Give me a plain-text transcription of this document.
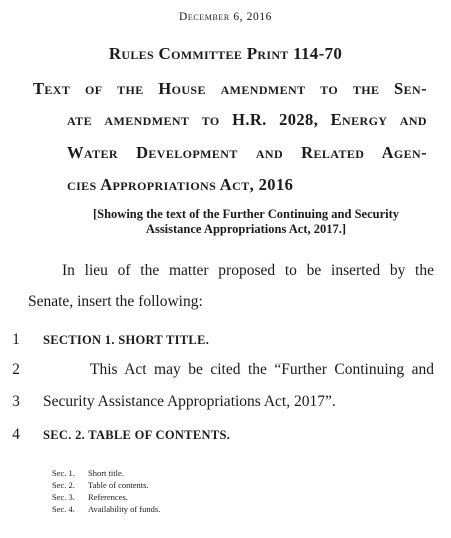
December 6, 2016
Rules Committee Print 114-70
Text of the House amendment to the Sen-
ate amendment to H.R. 2028, Energy and
Water Development and Related Agen-
cies Appropriations Act, 2016
[Showing the text of the Further Continuing and Security
Assistance Appropriations Act, 2017.]
In lieu of the matter proposed to be inserted by the
Senate, insert the following:
1	SECTION 1. SHORT TITLE.
2	This Act may be cited the “Further Continuing and
3 Security Assistance Appropriations Act, 2017”.
4	SEC. 2. TABLE OF CONTENTS.
Sec. 1. Short title.
Sec. 2. Table of contents.
Sec. 3. References.
Sec. 4. Availability of funds.
